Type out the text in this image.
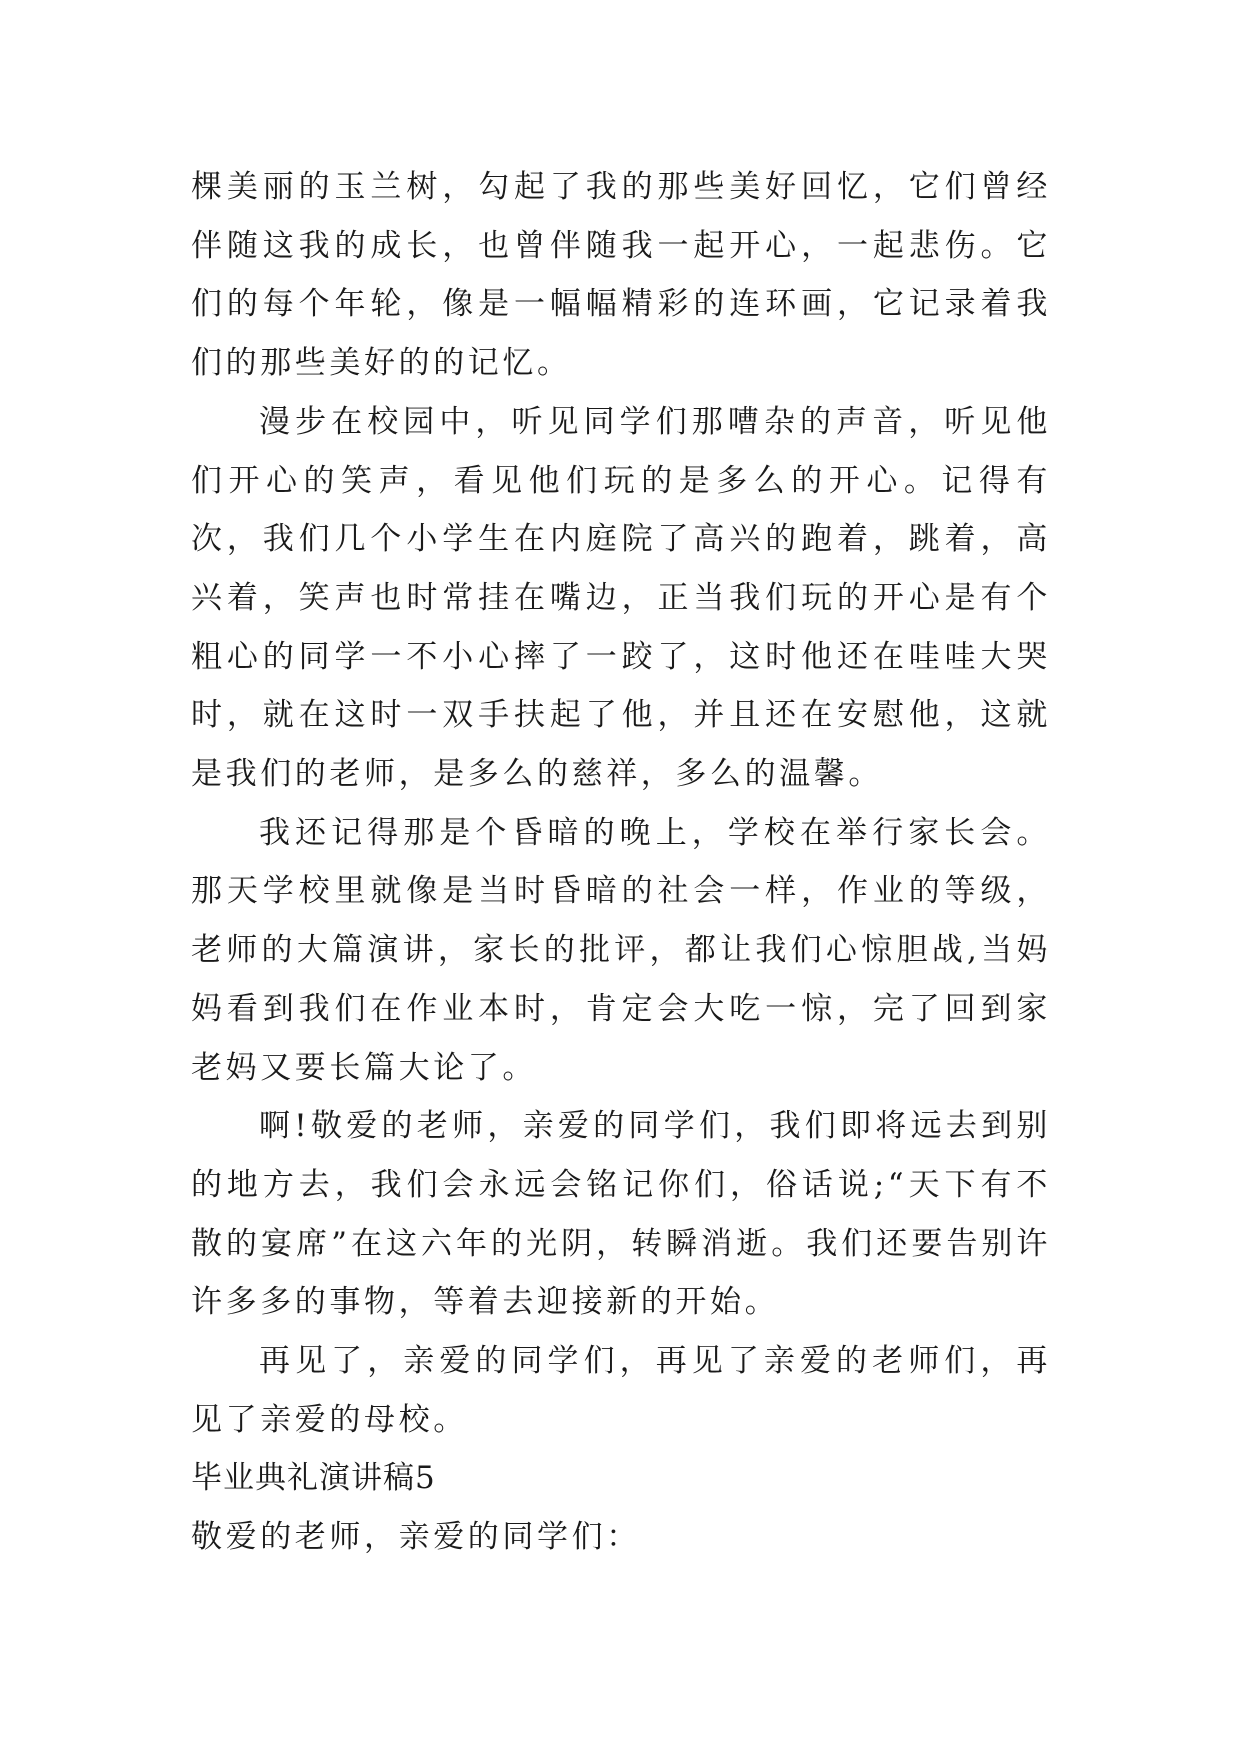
棵美丽的玉兰树，勾起了我的那些美好回忆，它们曾经伴随这我的成长，也曾伴随我一起开心，一起悲伤。它们的每个年轮，像是一幅幅精彩的连环画，它记录着我们的那些美好的的记忆。

漫步在校园中，听见同学们那嘈杂的声音，听见他们开心的笑声，看见他们玩的是多么的开心。记得有次，我们几个小学生在内庭院了高兴的跑着，跳着，高兴着，笑声也时常挂在嘴边，正当我们玩的开心是有个粗心的同学一不小心摔了一跤了，这时他还在哇哇大哭时，就在这时一双手扶起了他，并且还在安慰他，这就是我们的老师，是多么的慈祥，多么的温馨。

我还记得那是个昏暗的晚上，学校在举行家长会。那天学校里就像是当时昏暗的社会一样，作业的等级，老师的大篇演讲，家长的批评，都让我们心惊胆战,当妈妈看到我们在作业本时，肯定会大吃一惊，完了回到家老妈又要长篇大论了。

啊!敬爱的老师，亲爱的同学们，我们即将远去到别的地方去，我们会永远会铭记你们，俗话说;“天下有不散的宴席”在这六年的光阴，转瞬消逝。我们还要告别许许多多的事物，等着去迎接新的开始。

再见了，亲爱的同学们，再见了亲爱的老师们，再见了亲爱的母校。

毕业典礼演讲稿5

敬爱的老师，亲爱的同学们：
